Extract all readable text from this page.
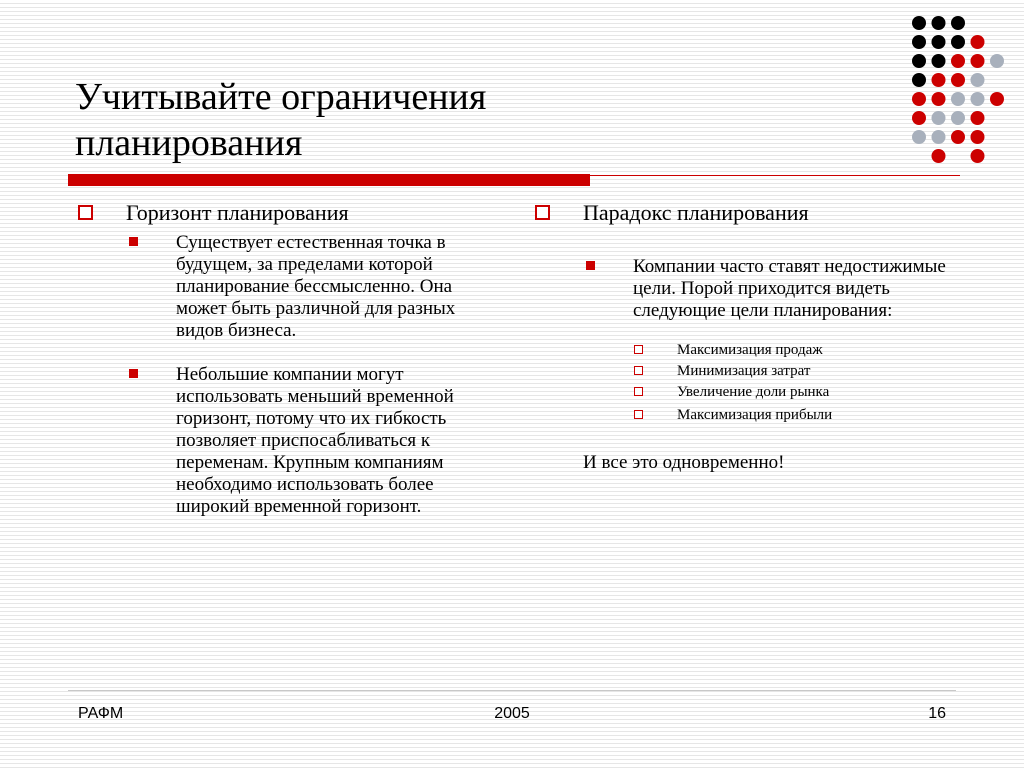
Учитывайте ограничения планирования
Горизонт планирования
Существует естественная точка в будущем, за пределами которой планирование бессмысленно. Она может быть различной для разных видов бизнеса.
Небольшие компании могут использовать меньший временной горизонт, потому что их гибкость позволяет приспосабливаться к переменам. Крупным компаниям необходимо использовать более широкий временной горизонт.
Парадокс планирования
Компании часто ставят недостижимые цели. Порой приходится видеть следующие цели планирования:
Максимизация продаж
Минимизация затрат
Увеличение доли рынка
Максимизация прибыли
И все это одновременно!
РАФМ	2005	16
